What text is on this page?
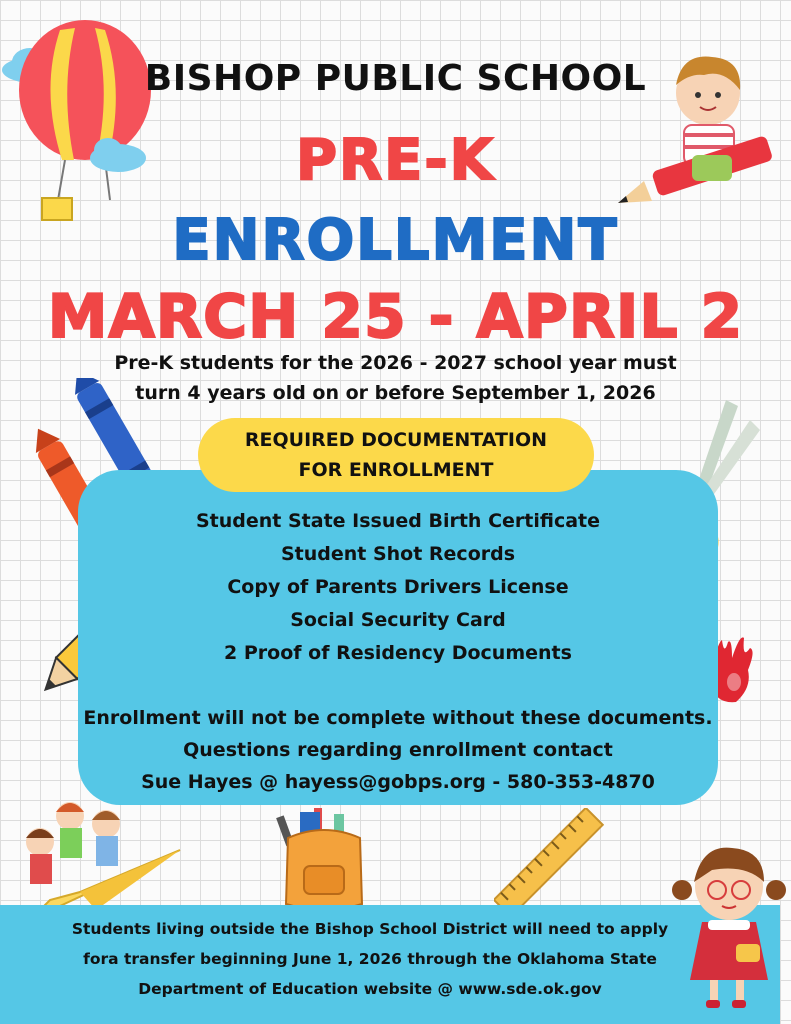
BISHOP PUBLIC SCHOOL
PRE-K
ENROLLMENT
MARCH 25 - APRIL 2
Pre-K students for the 2026 - 2027 school year must
turn 4 years old on or before September 1, 2026
REQUIRED DOCUMENTATION
FOR ENROLLMENT
Student State Issued Birth Certificate
Student Shot Records
Copy of Parents Drivers License
Social Security Card
2 Proof of Residency Documents
Enrollment will not be complete without these documents.
Questions regarding enrollment contact
Sue Hayes @ hayess@gobps.org - 580-353-4870
Students living outside the Bishop School District will need to apply
fora transfer beginning June 1, 2026 through the Oklahoma State
Department of Education website @ www.sde.ok.gov
